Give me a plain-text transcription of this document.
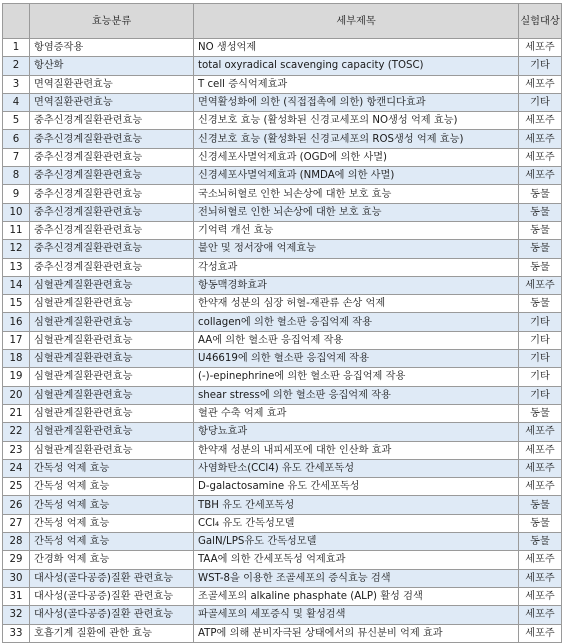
	효능분류	세부제목	실험대상
1	항염증작용	NO 생성억제	세포주
2	항산화	total oxyradical scavenging capacity (TOSC)	기타
3	면역질환관련효능	T cell 증식억제효과	세포주
4	면역질환관련효능	면역활성화에 의한 (직접접촉에 의한) 항캔디다효과	기타
5	중추신경계질환관련효능	신경보호 효능 (활성화된 신경교세포의 NO생성 억제 효능)	세포주
6	중추신경계질환관련효능	신경보호 효능 (활성화된 신경교세포의 ROS생성 억제 효능)	세포주
7	중추신경계질환관련효능	신경세포사멸억제효과 (OGD에 의한 사멸)	세포주
8	중추신경계질환관련효능	신경세포사멸억제효과 (NMDA에 의한 사멸)	세포주
9	중추신경계질환관련효능	국소뇌허혈로 인한 뇌손상에 대한 보호 효능	동물
10	중추신경계질환관련효능	전뇌허혈로 인한 뇌손상에 대한 보호 효능	동물
11	중추신경계질환관련효능	기억력 개선 효능	동물
12	중추신경계질환관련효능	불안 및 정서장애 억제효능	동물
13	중추신경계질환관련효능	각성효과	동물
14	심혈관계질환관련효능	항동맥경화효과	세포주
15	심혈관계질환관련효능	한약재 성분의 심장 허혈-재관류 손상 억제	동물
16	심혈관계질환관련효능	collagen에 의한 혈소판 응집억제 작용	기타
17	심혈관계질환관련효능	AA에 의한 혈소판 응집억제 작용	기타
18	심혈관계질환관련효능	U46619에 의한 혈소판 응집억제 작용	기타
19	심혈관계질환관련효능	(-)-epinephrine에 의한 혈소판 응집억제 작용	기타
20	심혈관계질환관련효능	shear stress에 의한 혈소판 응집억제 작용	기타
21	심혈관계질환관련효능	혈관 수축 억제 효과	동물
22	심혈관계질환관련효능	항당뇨효과	세포주
23	심혈관계질환관련효능	한약재 성분의 내피세포에 대한 인산화 효과	세포주
24	간독성 억제 효능	사염화탄소(CCl4) 유도 간세포독성	세포주
25	간독성 억제 효능	D-galactosamine 유도 간세포독성	세포주
26	간독성 억제 효능	TBH 유도 간세포독성	동물
27	간독성 억제 효능	CCl₄ 유도 간독성모델	동물
28	간독성 억제 효능	GalN/LPS유도 간독성모델	동물
29	간경화 억제 효능	TAA에 의한 간세포독성 억제효과	세포주
30	대사성(골다공증)질환 관련효능	WST-8을 이용한 조골세포의 증식효능 검색	세포주
31	대사성(골다공증)질환 관련효능	조골세포의 alkaline phasphate (ALP) 활성 검색	세포주
32	대사성(골다공증)질환 관련효능	파골세포의 세포증식 및 활성검색	세포주
33	호흡기계 질환에 관한 효능	ATP에 의해 분비자극된 상태에서의 뮤신분비 억제 효과	세포주
